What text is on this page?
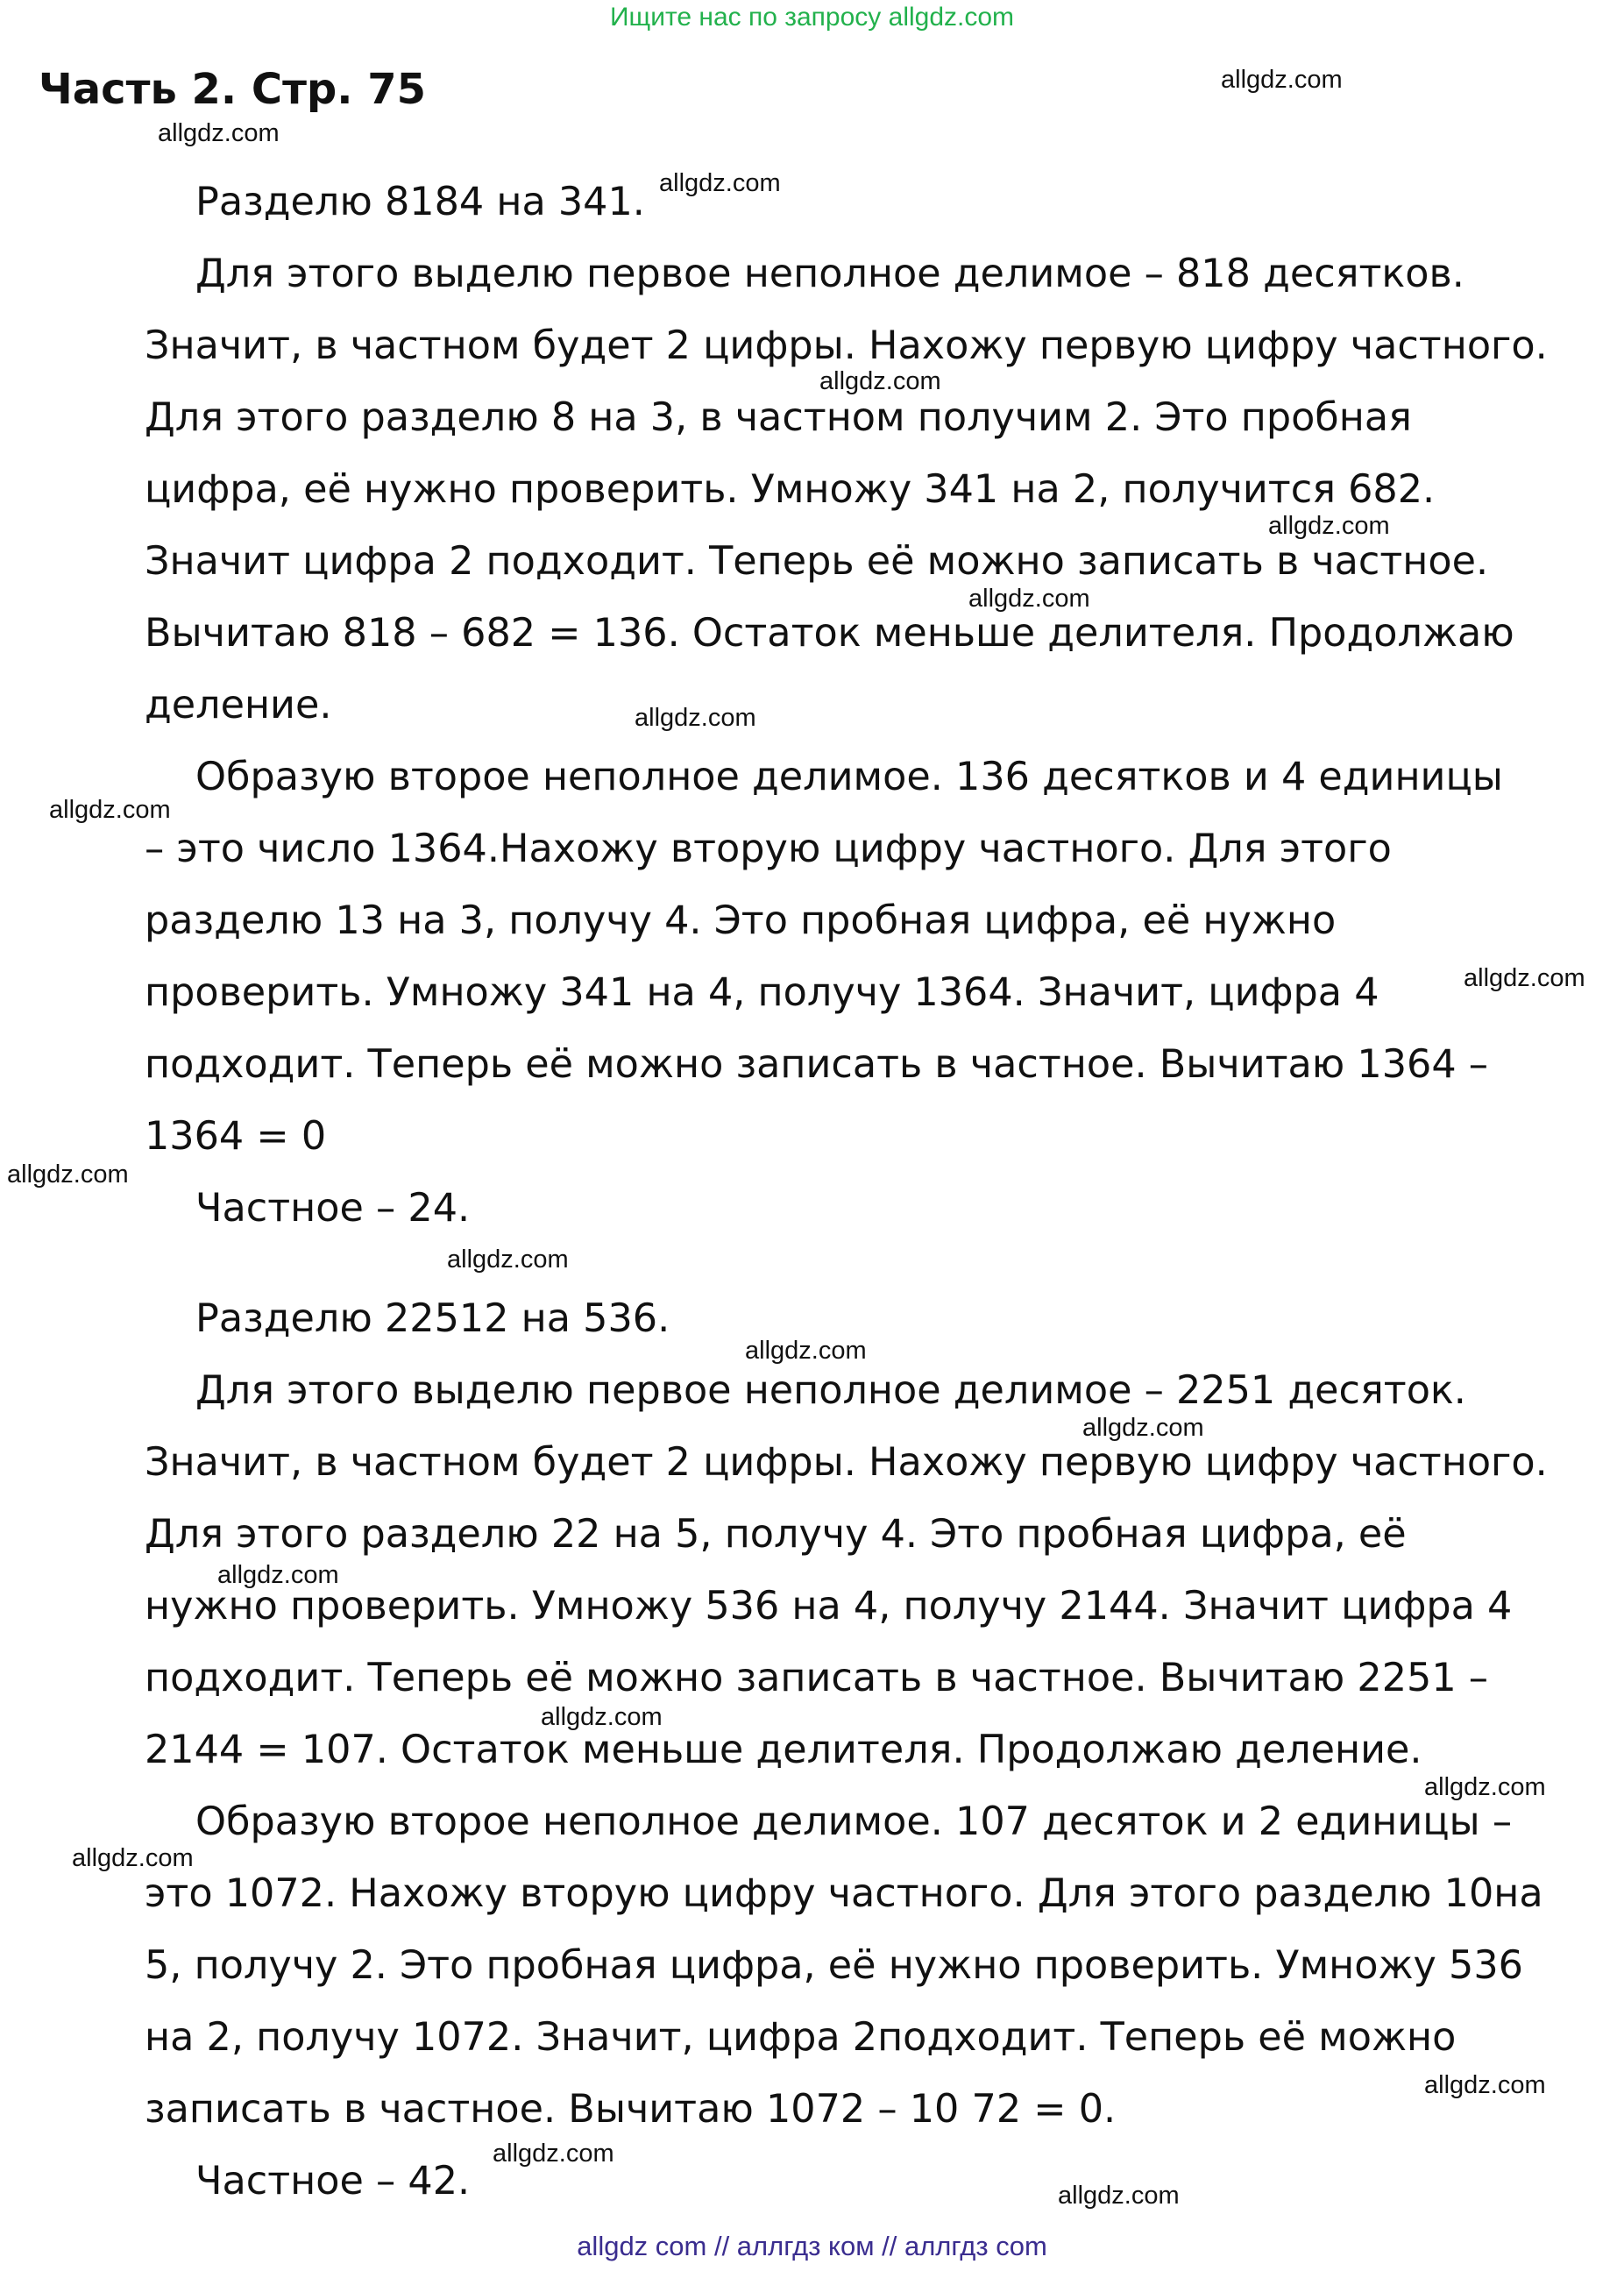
Ищите нас по запросу allgdz.com
Часть 2. Стр. 75
Разделю 8184 на 341.
Для этого выделю первое неполное делимое – 818 десятков.
Значит, в частном будет 2 цифры. Нахожу первую цифру частного.
Для этого разделю 8 на 3, в частном получим 2. Это пробная
цифра, её нужно проверить. Умножу 341 на 2, получится 682.
Значит цифра 2 подходит. Теперь её можно записать в частное.
Вычитаю 818 – 682 = 136. Остаток меньше делителя. Продолжаю
деление.
Образую второе неполное делимое. 136 десятков и 4 единицы
– это число 1364.Нахожу вторую цифру частного. Для этого
разделю 13 на 3, получу 4. Это пробная цифра, её нужно
проверить. Умножу 341 на 4, получу 1364. Значит, цифра 4
подходит. Теперь её можно записать в частное. Вычитаю 1364 –
1364 = 0
Частное – 24.
Разделю 22512 на 536.
Для этого выделю первое неполное делимое – 2251 десяток.
Значит, в частном будет 2 цифры. Нахожу первую цифру частного.
Для этого разделю 22 на 5, получу 4. Это пробная цифра, её
нужно проверить. Умножу 536 на 4, получу 2144. Значит цифра 4
подходит. Теперь её можно записать в частное. Вычитаю 2251 –
2144 = 107. Остаток меньше делителя. Продолжаю деление.
Образую второе неполное делимое. 107 десяток и 2 единицы –
это 1072. Нахожу вторую цифру частного. Для этого разделю 10на
5, получу 2. Это пробная цифра, её нужно проверить. Умножу 536
на 2, получу 1072. Значит, цифра 2подходит. Теперь её можно
записать в частное. Вычитаю 1072 – 10 72 = 0.
Частное – 42.
allgdz.com
allgdz.com
allgdz.com
allgdz.com
allgdz.com
allgdz.com
allgdz.com
allgdz.com
allgdz.com
allgdz.com
allgdz.com
allgdz.com
allgdz.com
allgdz.com
allgdz.com
allgdz.com
allgdz.com
allgdz.com
allgdz.com
allgdz.com
allgdz com // аллгдз ком // аллгдз com
